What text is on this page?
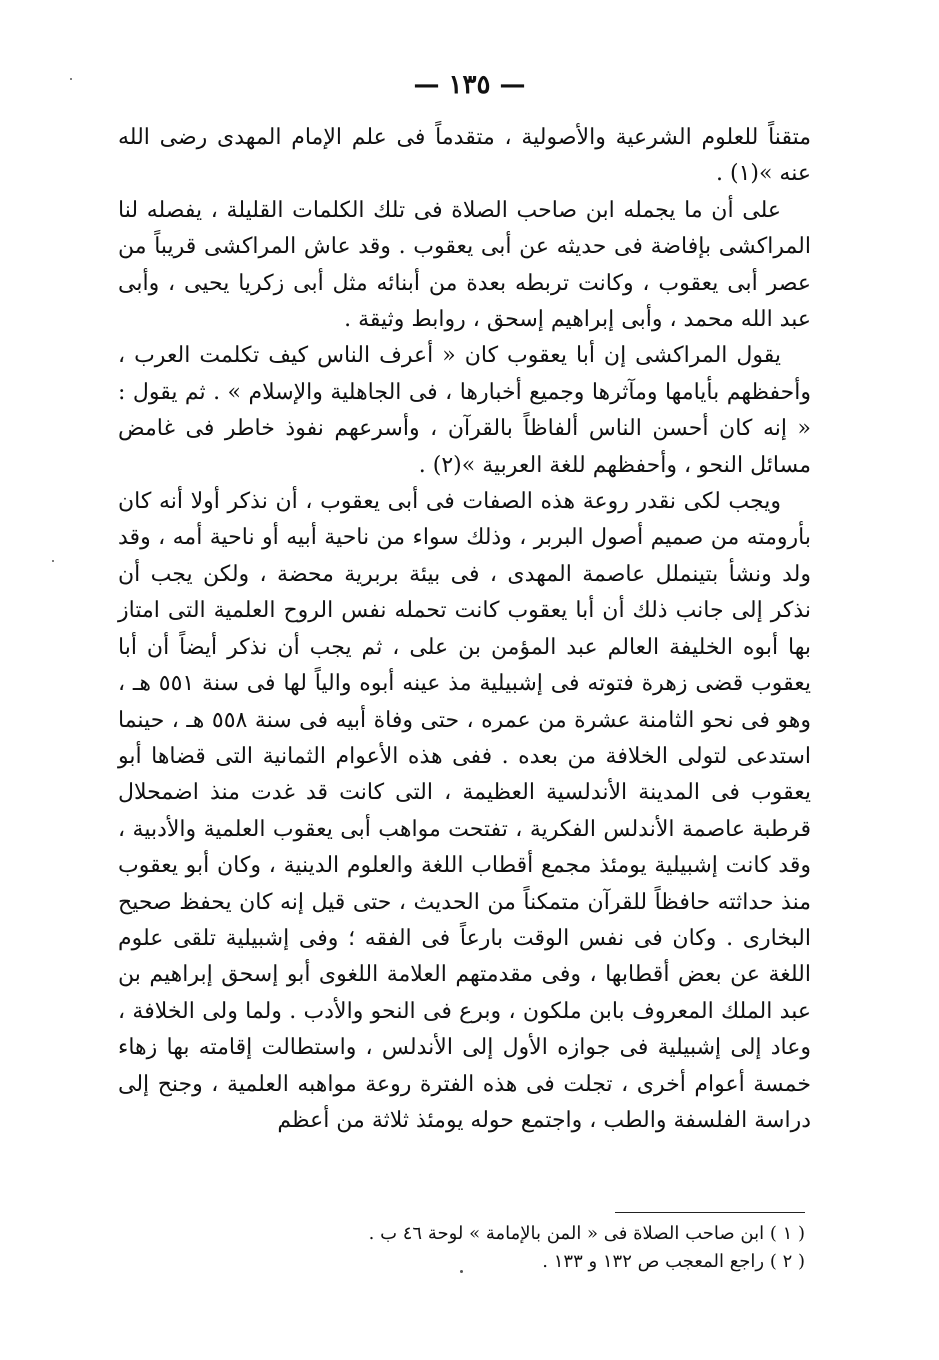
— ١٣٥ —

متقناً للعلوم الشرعية والأصولية ، متقدماً فى علم الإمام المهدى رضى الله عنه »(١) .

على أن ما يجمله ابن صاحب الصلاة فى تلك الكلمات القليلة ، يفصله لنا المراكشى بإفاضة فى حديثه عن أبى يعقوب . وقد عاش المراكشى قريباً من عصر أبى يعقوب ، وكانت تربطه بعدة من أبنائه مثل أبى زكريا يحيى ، وأبى عبد الله محمد ، وأبى إبراهيم إسحق ، روابط وثيقة .

يقول المراكشى إن أبا يعقوب كان « أعرف الناس كيف تكلمت العرب ، وأحفظهم بأيامها ومآثرها وجميع أخبارها ، فى الجاهلية والإسلام » . ثم يقول : « إنه كان أحسن الناس ألفاظاً بالقرآن ، وأسرعهم نفوذ خاطر فى غامض مسائل النحو ، وأحفظهم للغة العربية »(٢) .

ويجب لكى نقدر روعة هذه الصفات فى أبى يعقوب ، أن نذكر أولا أنه كان بأرومته من صميم أصول البربر ، وذلك سواء من ناحية أبيه أو ناحية أمه ، وقد ولد ونشأ بتينملل عاصمة المهدى ، فى بيئة بربرية محضة ، ولكن يجب أن نذكر إلى جانب ذلك أن أبا يعقوب كانت تحمله نفس الروح العلمية التى امتاز بها أبوه الخليفة العالم عبد المؤمن بن على ، ثم يجب أن نذكر أيضاً أن أبا يعقوب قضى زهرة فتوته فى إشبيلية مذ عينه أبوه والياً لها فى سنة ٥٥١ هـ ، وهو فى نحو الثامنة عشرة من عمره ، حتى وفاة أبيه فى سنة ٥٥٨ هـ ، حينما استدعى لتولى الخلافة من بعده . ففى هذه الأعوام الثمانية التى قضاها أبو يعقوب فى المدينة الأندلسية العظيمة ، التى كانت قد غدت منذ اضمحلال قرطبة عاصمة الأندلس الفكرية ، تفتحت مواهب أبى يعقوب العلمية والأدبية ، وقد كانت إشبيلية يومئذ مجمع أقطاب اللغة والعلوم الدينية ، وكان أبو يعقوب منذ حداثته حافظاً للقرآن متمكناً من الحديث ، حتى قيل إنه كان يحفظ صحيح البخارى . وكان فى نفس الوقت بارعاً فى الفقه ؛ وفى إشبيلية تلقى علوم اللغة عن بعض أقطابها ، وفى مقدمتهم العلامة اللغوى أبو إسحق إبراهيم بن عبد الملك المعروف بابن ملكون ، وبرع فى النحو والأدب . ولما ولى الخلافة ، وعاد إلى إشبيلية فى جوازه الأول إلى الأندلس ، واستطالت إقامته بها زهاء خمسة أعوام أخرى ، تجلت فى هذه الفترة روعة مواهبه العلمية ، وجنح إلى دراسة الفلسفة والطب ، واجتمع حوله يومئذ ثلاثة من أعظم

( ١ ) ابن صاحب الصلاة فى « المن بالإمامة » لوحة ٤٦ ب .
( ٢ ) راجع المعجب ص ١٣٢ و ١٣٣ .
